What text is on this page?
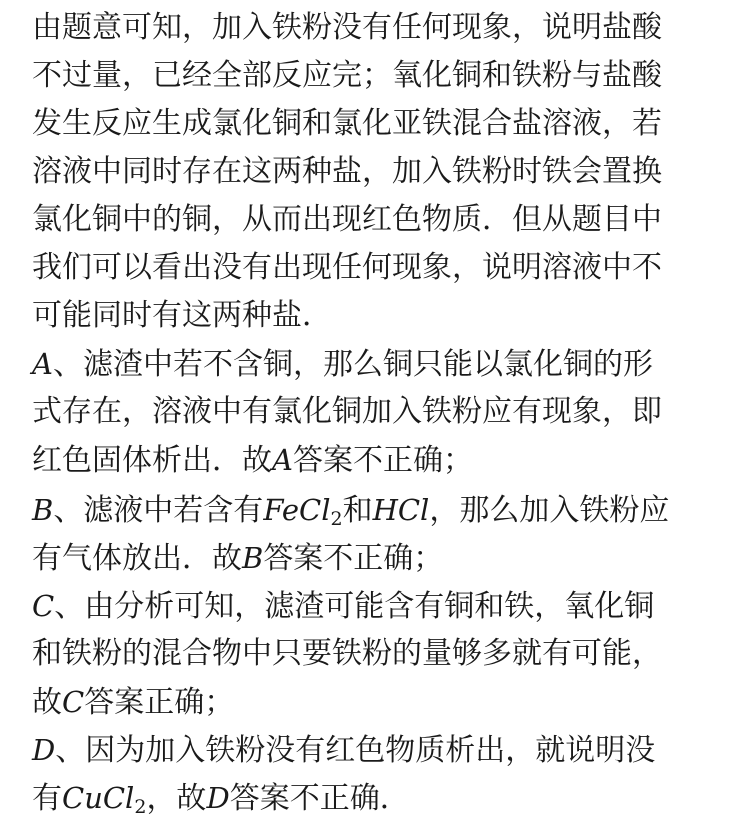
由题意可知，加入铁粉没有任何现象，说明盐酸
不过量，已经全部反应完；氧化铜和铁粉与盐酸
发生反应生成氯化铜和氯化亚铁混合盐溶液，若
溶液中同时存在这两种盐，加入铁粉时铁会置换
氯化铜中的铜，从而出现红色物质．但从题目中
我们可以看出没有出现任何现象，说明溶液中不
可能同时有这两种盐．
A、滤渣中若不含铜，那么铜只能以氯化铜的形
式存在，溶液中有氯化铜加入铁粉应有现象，即
红色固体析出．故A答案不正确；
B、滤液中若含有FeCl$_2$和HCl，那么加入铁粉应
有气体放出．故B答案不正确；
C、由分析可知，滤渣可能含有铜和铁，氧化铜
和铁粉的混合物中只要铁粉的量够多就有可能，
故C答案正确；
D、因为加入铁粉没有红色物质析出，就说明没
有CuCl$_2$，故D答案不正确．
